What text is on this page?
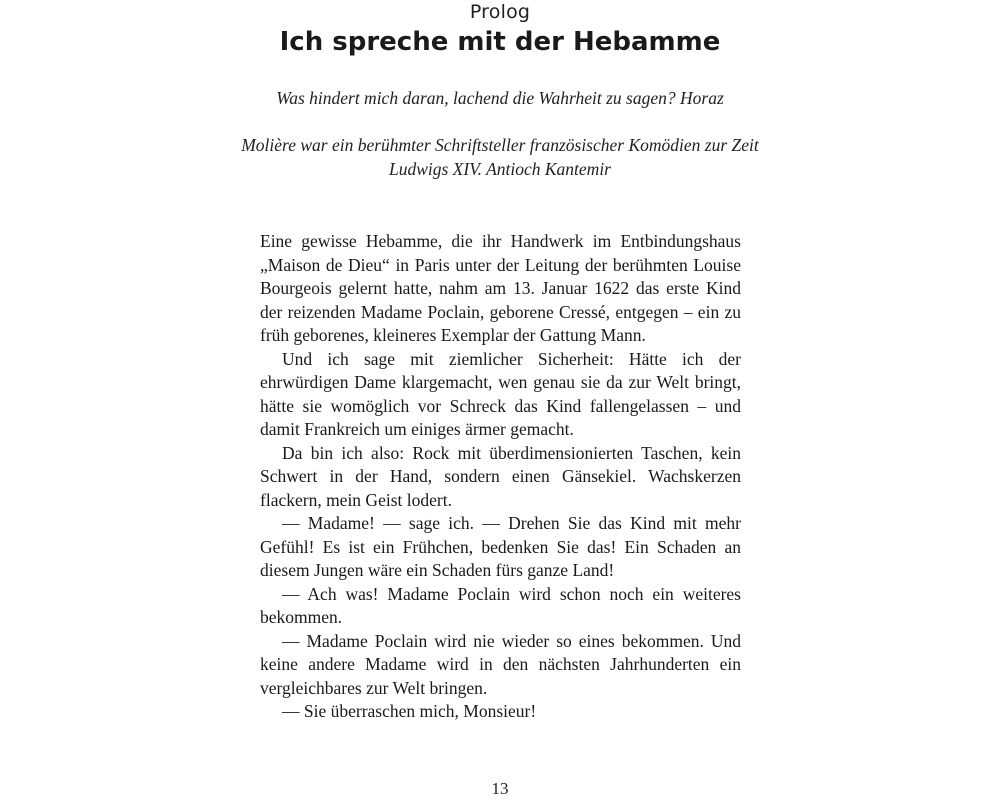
Prolog
Ich spreche mit der Hebamme
Was hindert mich daran, lachend die Wahrheit zu sagen? Horaz
Molière war ein berühmter Schriftsteller französischer Komödien zur Zeit Ludwigs XIV. Antioch Kantemir

Eine gewisse Hebamme, die ihr Handwerk im Entbindungshaus „Maison de Dieu“ in Paris unter der Leitung der berühmten Louise Bourgeois gelernt hatte, nahm am 13. Januar 1622 das erste Kind der reizenden Madame Poclain, geborene Cressé, entgegen – ein zu früh geborenes, kleineres Exemplar der Gattung Mann.

Und ich sage mit ziemlicher Sicherheit: Hätte ich der ehrwürdigen Dame klargemacht, wen genau sie da zur Welt bringt, hätte sie womöglich vor Schreck das Kind fallengelassen – und damit Frankreich um einiges ärmer gemacht.

Da bin ich also: Rock mit überdimensionierten Taschen, kein Schwert in der Hand, sondern einen Gänsekiel. Wachskerzen flackern, mein Geist lodert.

— Madame! — sage ich. — Drehen Sie das Kind mit mehr Gefühl! Es ist ein Frühchen, bedenken Sie das! Ein Schaden an diesem Jungen wäre ein Schaden fürs ganze Land!

— Ach was! Madame Poclain wird schon noch ein weiteres bekommen.

— Madame Poclain wird nie wieder so eines bekommen. Und keine andere Madame wird in den nächsten Jahrhunderten ein vergleichbares zur Welt bringen.

— Sie überraschen mich, Monsieur!

13
